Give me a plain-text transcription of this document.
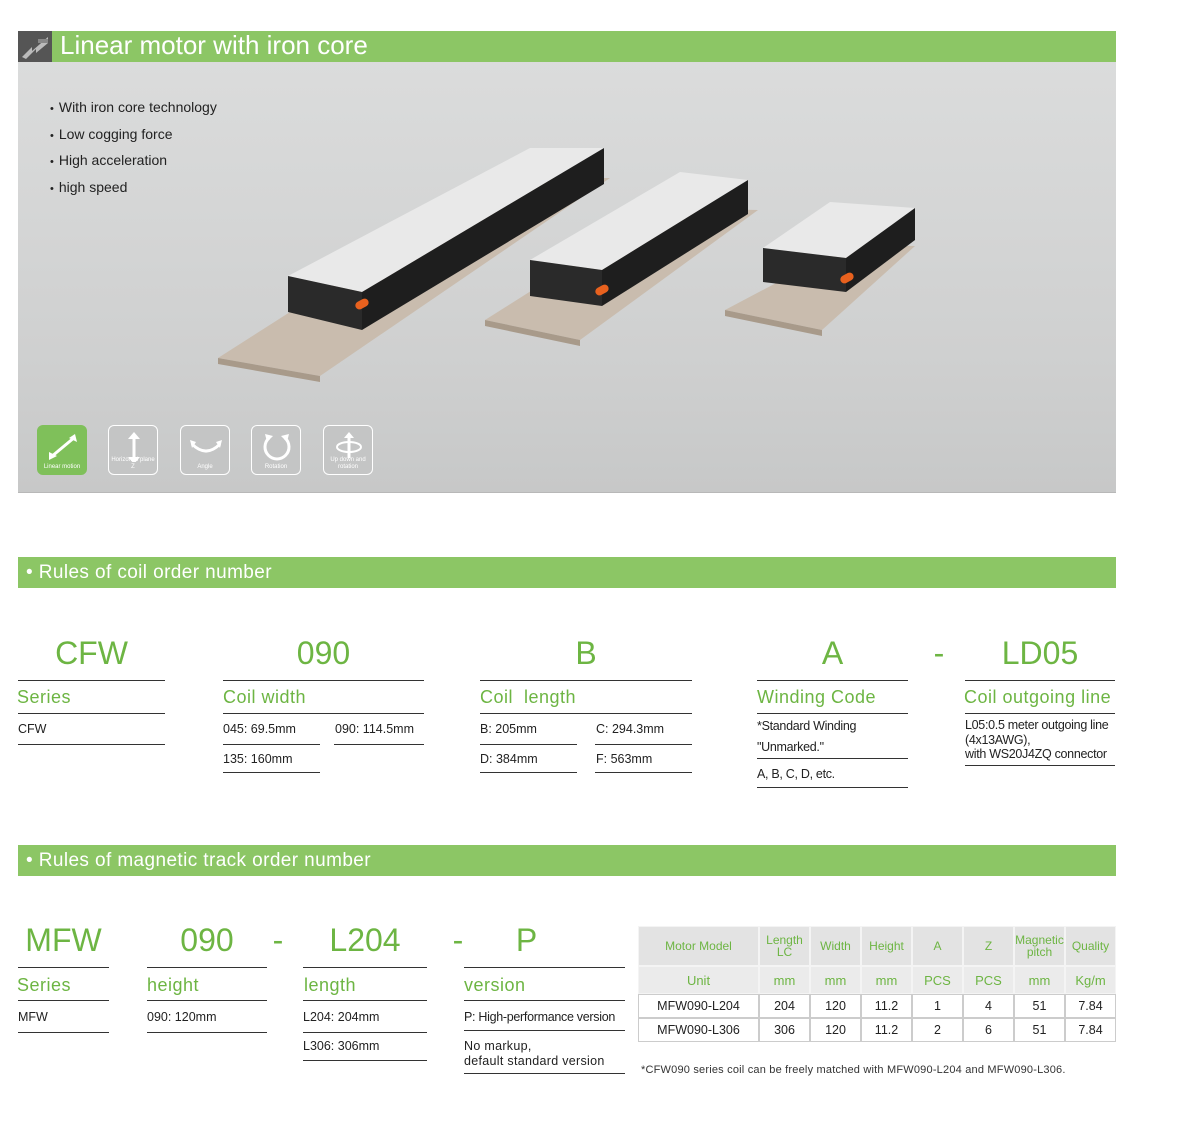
Linear motor with iron core
• With iron core technology
• Low cogging force
• High acceleration
• high speed
Linear motion
Horizontal plane Z	Angle	Rotation
Up down and rotation
• Rules of coil order number
CFW	090	B	A	-	LD05
Series	Coil width	Coil  length	Winding Code	Coil outgoing line
CFW	045: 69.5mm	090: 114.5mm
135: 160mm
B: 205mm	C: 294.3mm
D: 384mm	F: 563mm
*Standard Winding
"Unmarked."
A, B, C, D, etc.
L05:0.5 meter outgoing line
(4x13AWG),
with WS20J4ZQ connector
• Rules of magnetic track order number
MFW	090	-	L204	-	P
Series	height	length	version
MFW	090: 120mm	L204: 204mm
L306: 306mm
P: High-performance version
No markup,
default standard version
Motor Model	Length LC	Width	Height	A	Z	Magnetic pitch	Quality
Unit	mm	mm	mm	PCS	PCS	mm	Kg/m
MFW090-L204	204	120	11.2	1	4	51	7.84
MFW090-L306	306	120	11.2	2	6	51	7.84
*CFW090 series coil can be freely matched with MFW090-L204 and MFW090-L306.
